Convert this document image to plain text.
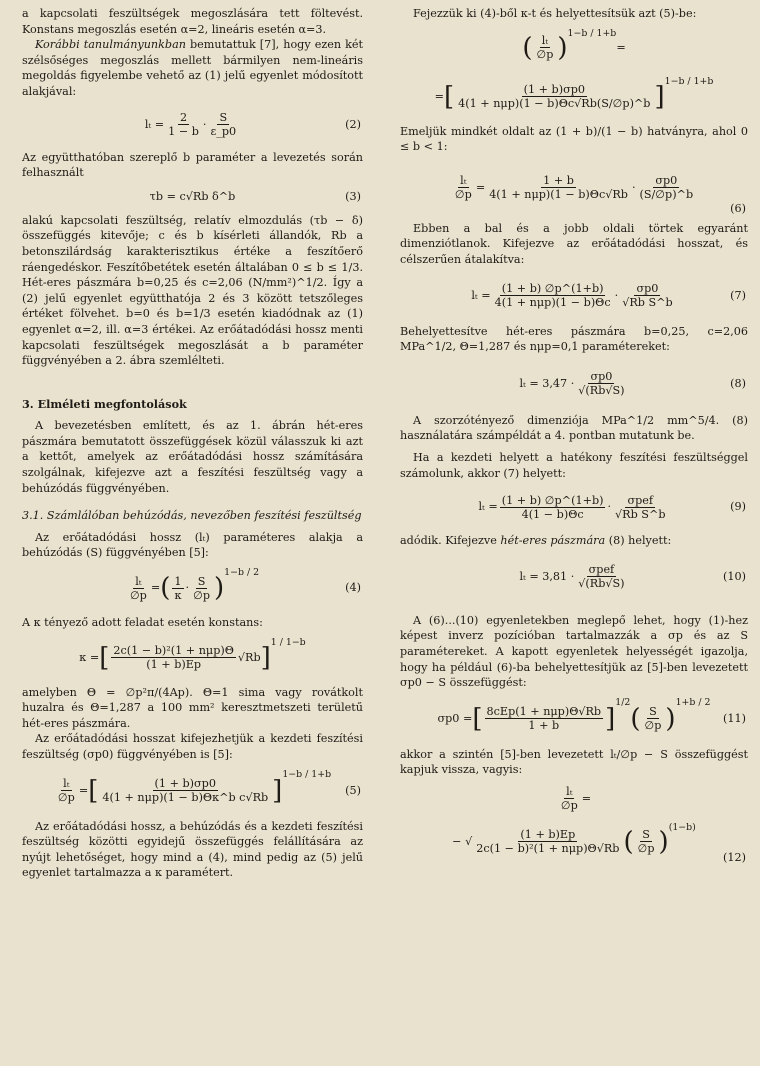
a kapcsolati feszültségek megoszlására tett föltevést. Konstans megoszlás esetén α=2, lineáris esetén α=3.

Korábbi tanulmányunkban bemutattuk [7], hogy ezen két szélsőséges megoszlás mellett bármilyen nem-lineáris megoldás figyelembe vehető az (1) jelű egyenlet módosított alakjával:

$l_t = \frac{2}{1 - b} \cdot \frac{S}{\varepsilon\_p0}$	(2)

Az együtthatóban szereplő b paraméter a levezetés során felhasznált

τb = c√Rb δ^b	(3)

alakú kapcsolati feszültség, relatív elmozdulás (τb − δ) összefüggés kitevője; c és b kísérleti állandók, Rb a betonszilárdság karakterisztikus értéke a feszítőerő ráengedéskor. Feszítőbetétek esetén általában 0 ≤ b ≤ 1/3. Hét-eres pászmára b=0,25 és c=2,06 (N/mm²)^1/2. Így a (2) jelű egyenlet együtthatója 2 és 3 között tetszőleges értéket fölvehet. b=0 és b=1/3 esetén kiadódnak az (1) egyenlet α=2, ill. α=3 értékei. Az erőátadódási hossz menti kapcsolati feszültségek megoszlását a b paraméter függvényében a 2. ábra szemlélteti.

3. Elméleti megfontolások

A bevezetésben említett, és az 1. ábrán hét-eres pászmára bemutatott összefüggések közül válasszuk ki azt a kettőt, amelyek az erőátadódási hossz számítására szolgálnak, kifejezve azt a feszítési feszültség vagy a behúzódás függvényében.

3.1. Számlálóban behúzódás, nevezőben feszítési feszültség

Az erőátadódási hossz (lₜ) paraméteres alakja a behúzódás (S) függvényében [5]:

$\frac{\text{lₜ}}{\emptyset p}$ = ( $\frac{1}{\kappa} \cdot \frac{S}{\emptyset p}$ )
1−b / 2
(4)

A κ tényező adott feladat esetén konstans:

κ = [ $\frac{\text{2c(1 − b)²(1 + nμp)Θ}}{(1 + b)Ep} √Rb$ ]
1 / 1−b

amelyben Θ = ∅p²π/(4Ap). Θ=1 sima vagy rovátkolt huzalra és Θ=1,287 a 100 mm² keresztmetszeti területű hét-eres pászmára.

Az erőátadódási hosszat kifejezhetjük a kezdeti feszítési feszültség (σp0) függvényében is [5]:

$\frac{\text{lₜ}}{\emptyset p}$ = [ $\frac{(1 + b)\sigma p0}{\text{4(1 + nμp)(1 − b)Θκ\textasciicircum{}b c√Rb}}$ ]
1−b / 1+b
(5)

Az erőátadódási hossz, a behúzódás és a kezdeti feszítési feszültség közötti egyidejű összefüggés felállítására az nyújt lehetőséget, hogy mind a (4), mind pedig az (5) jelű egyenlet tartalmazza a κ paramétert.

Fejezzük ki (4)-ből κ-t és helyettesítsük azt (5)-be:

( $\frac{\text{lₜ}}{\emptyset p}$ ) 1−b / 1+b
=
= [ $\frac{(1 + b)\sigma p0}{\text{4(1 + nμp)(1 − b)Θc√Rb(S/∅p)\textasciicircum{}b}}$ ]
1−b / 1+b

Emeljük mindkét oldalt az (1 + b)/(1 − b) hatványra, ahol 0 ≤ b < 1:

$\frac{\text{lₜ}}{\emptyset p} = \frac{1 + b}{\text{4(1 + nμp)(1 − b)Θc√Rb}} \cdot \frac{\sigma p0}{(S/\emptyset p)\^{}b}$
(6)

Ebben a bal és a jobb oldali törtek egyaránt dimenziótlanok. Kifejezve az erőátadódási hosszat, és célszerűen átalakítva:

$l_t = \frac{(1 + b) \emptyset p\^{}(1+b)}{\text{4(1 + nμp)(1 − b)Θc}} \cdot \frac{\sigma p0}{\text{√Rb S\textasciicircum{}b}}$	(7)

Behelyettesítve hét-eres pászmára b=0,25, c=2,06 MPa^1/2, Θ=1,287 és nμp=0,1 paramétereket:

$l_t = 3,47 \cdot \frac{\sigma p0}{√(Rb√S)}$	(8)

A szorzótényező dimenziója MPa^1/2 mm^5/4. (8) használatára számpéldát a 4. pontban mutatunk be.

Ha a kezdeti helyett a hatékony feszítési feszültséggel számolunk, akkor (7) helyett:

$l_t = \frac{(1 + b) \emptyset p\^{}(1+b)}{4(1 - b)\Theta c} \cdot \frac{\text{σpef}}{\text{√Rb S\textasciicircum{}b}}$	(9)

adódik. Kifejezve hét-eres pászmára (8) helyett:

$l_t = 3,81 \cdot \frac{\text{σpef}}{√(Rb√S)}$	(10)

A (6)...(10) egyenletekben meglepő lehet, hogy (1)-hez képest inverz pozícióban tartalmazzák a σp és az S paramétereket. A kapott egyenletek helyességét igazolja, hogy ha például (6)-ba behelyettesítjük az [5]-ben levezetett σp0 − S összefüggést:

σp0 = [ $\frac{\text{8cEp(1 + nμp)Θ√Rb}}{1 + b}$ ]
1/2
( $\frac{S}{\emptyset p}$ )
1+b / 2
(11)

akkor a szintén [5]-ben levezetett lₜ/∅p − S összefüggést kapjuk vissza, vagyis:

$\frac{\text{lₜ}}{\emptyset p}$ =
− √ $\frac{(1 + b)Ep}{\text{2c(1 − b)²(1 + nμp)Θ√Rb}}$ ( $\frac{S}{\emptyset p}$ ) (1−b)
(12)
